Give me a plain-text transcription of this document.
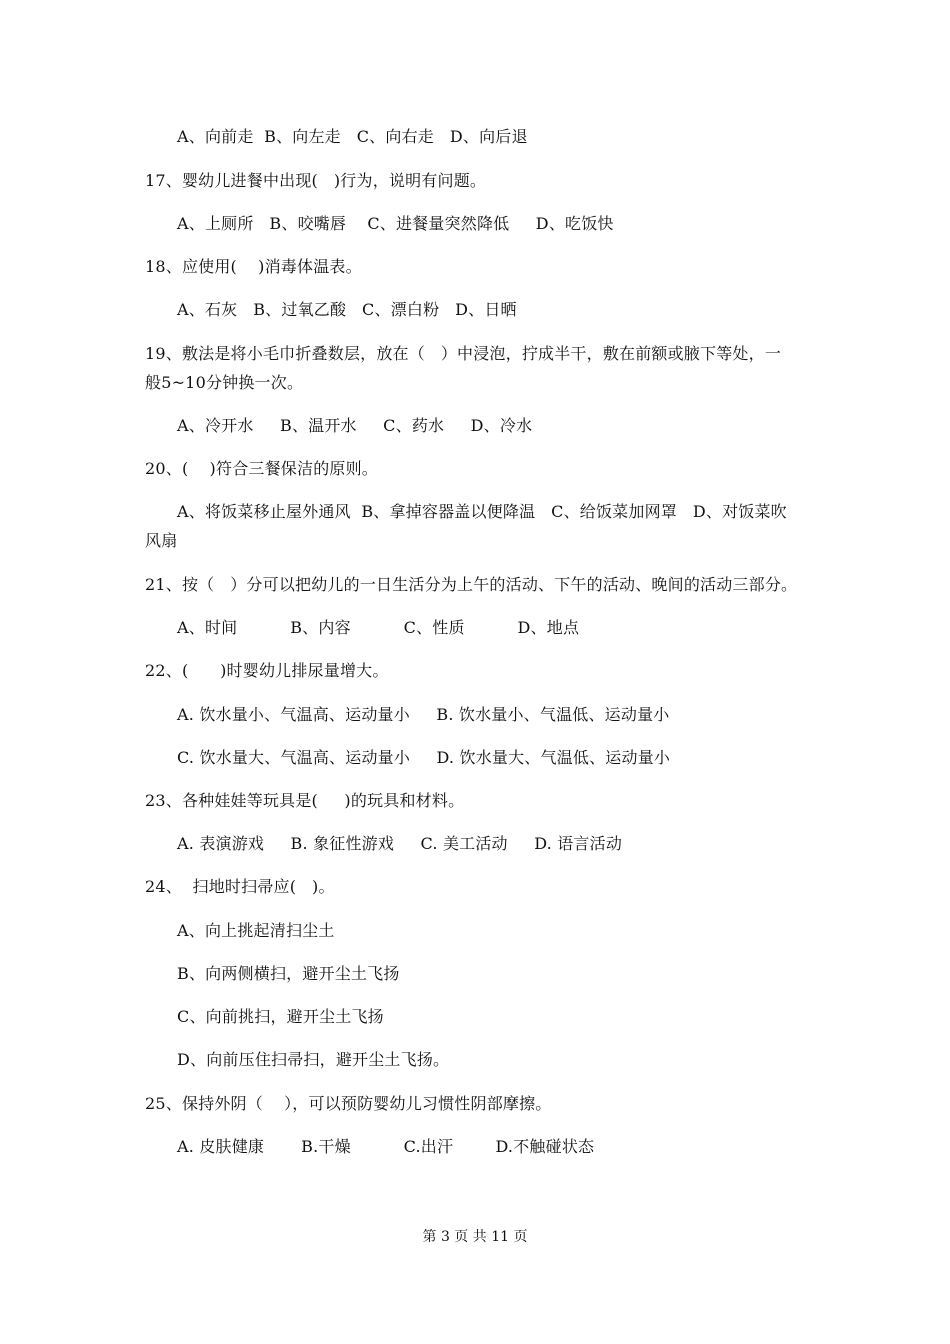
A、向前走  B、向左走   C、向右走   D、向后退
17、婴幼儿进餐中出现(   )行为，说明有问题。
A、上厕所   B、咬嘴唇    C、进餐量突然降低     D、吃饭快
18、应使用(    )消毒体温表。
A、石灰   B、过氧乙酸   C、漂白粉   D、日晒
19、敷法是将小毛巾折叠数层，放在（   ）中浸泡，拧成半干，敷在前额或腋下等处，一
般5~10分钟换一次。
A、冷开水     B、温开水     C、药水     D、冷水
20、(    )符合三餐保洁的原则。
A、将饭菜移止屋外通风  B、拿掉容器盖以便降温   C、给饭菜加网罩   D、对饭菜吹
风扇
21、按（   ）分可以把幼儿的一日生活分为上午的活动、下午的活动、晚间的活动三部分。
A、时间          B、内容          C、性质          D、地点
22、(      )时婴幼儿排尿量增大。
A. 饮水量小、气温高、运动量小     B. 饮水量小、气温低、运动量小
C. 饮水量大、气温高、运动量小     D. 饮水量大、气温低、运动量小
23、各种娃娃等玩具是(     )的玩具和材料。
A. 表演游戏     B. 象征性游戏     C. 美工活动     D. 语言活动
24、  扫地时扫帚应(   )。
A、向上挑起清扫尘土
B、向两侧横扫，避开尘土飞扬
C、向前挑扫，避开尘土飞扬
D、向前压住扫帚扫，避开尘土飞扬。
25、保持外阴（    ），可以预防婴幼儿习惯性阴部摩擦。
A. 皮肤健康       B.干燥          C.出汗        D.不触碰状态
第 3 页 共 11 页
